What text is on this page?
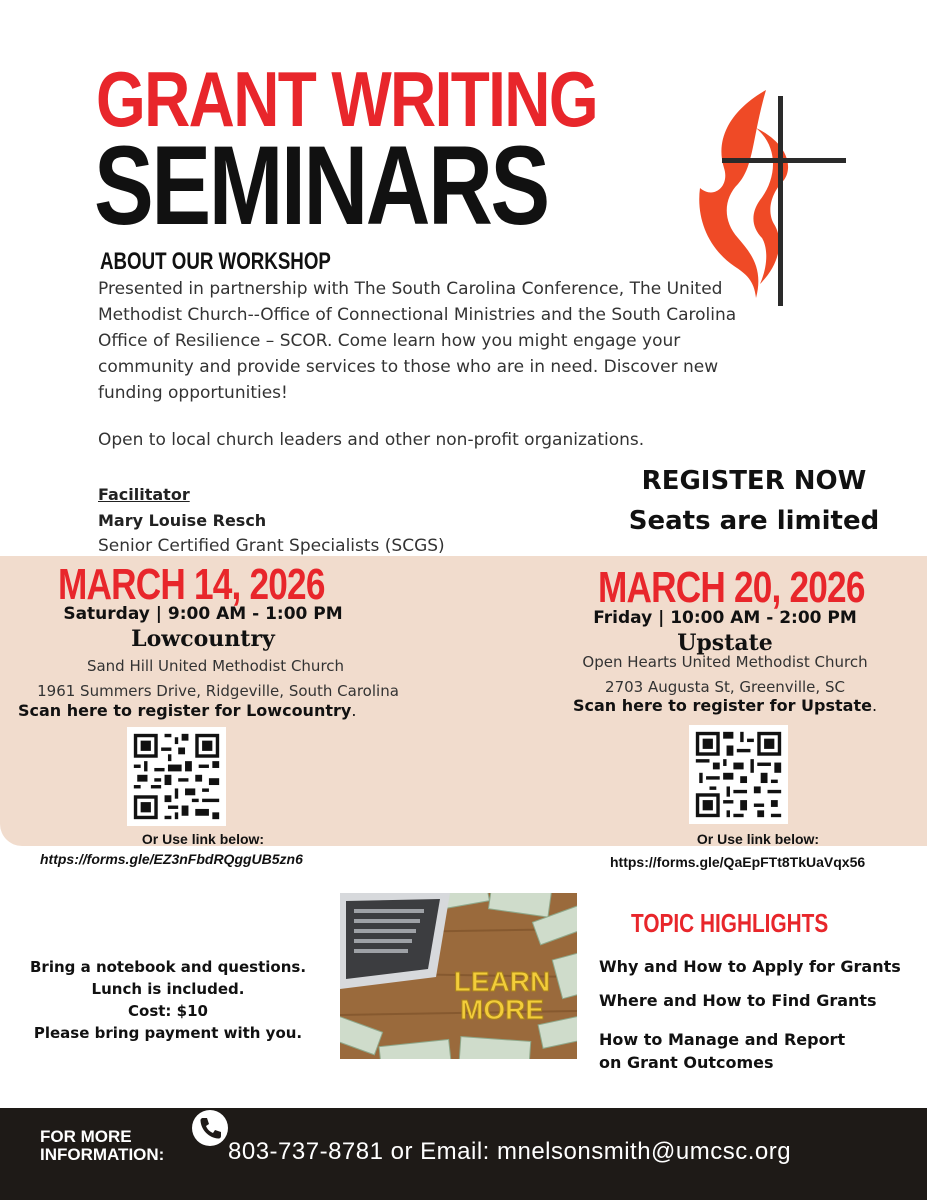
GRANT WRITING
SEMINARS
ABOUT OUR WORKSHOP
Presented in partnership with The South Carolina Conference, The United Methodist Church--Office of Connectional Ministries and the South Carolina Office of Resilience – SCOR. Come learn how you might engage your community and provide services to those who are in need. Discover new funding opportunities!
Open to local church leaders and other non-profit organizations.
Facilitator
Mary Louise Resch
Senior Certified Grant Specialists (SCGS)
REGISTER NOW
Seats are limited
MARCH 14, 2026
Saturday | 9:00 AM - 1:00 PM
Lowcountry
Sand Hill United Methodist Church
1961 Summers Drive, Ridgeville, South Carolina
Scan here to register for Lowcountry.
Or Use link below:
https://forms.gle/EZ3nFbdRQggUB5zn6
MARCH 20, 2026
Friday | 10:00 AM - 2:00 PM
Upstate
Open Hearts United Methodist Church
2703 Augusta St, Greenville, SC
Scan here to register for Upstate.
Or Use link below:
https://forms.gle/QaEpFTt8TkUaVqx56
Bring a notebook and questions.
Lunch is included.
Cost: $10
Please bring payment with you.
LEARN
MORE
TOPIC HIGHLIGHTS
Why and How to Apply for Grants
Where and How to Find Grants
How to Manage and Report
on Grant Outcomes
FOR MORE
INFORMATION:	803-737-8781 or Email: mnelsonsmith@umcsc.org
